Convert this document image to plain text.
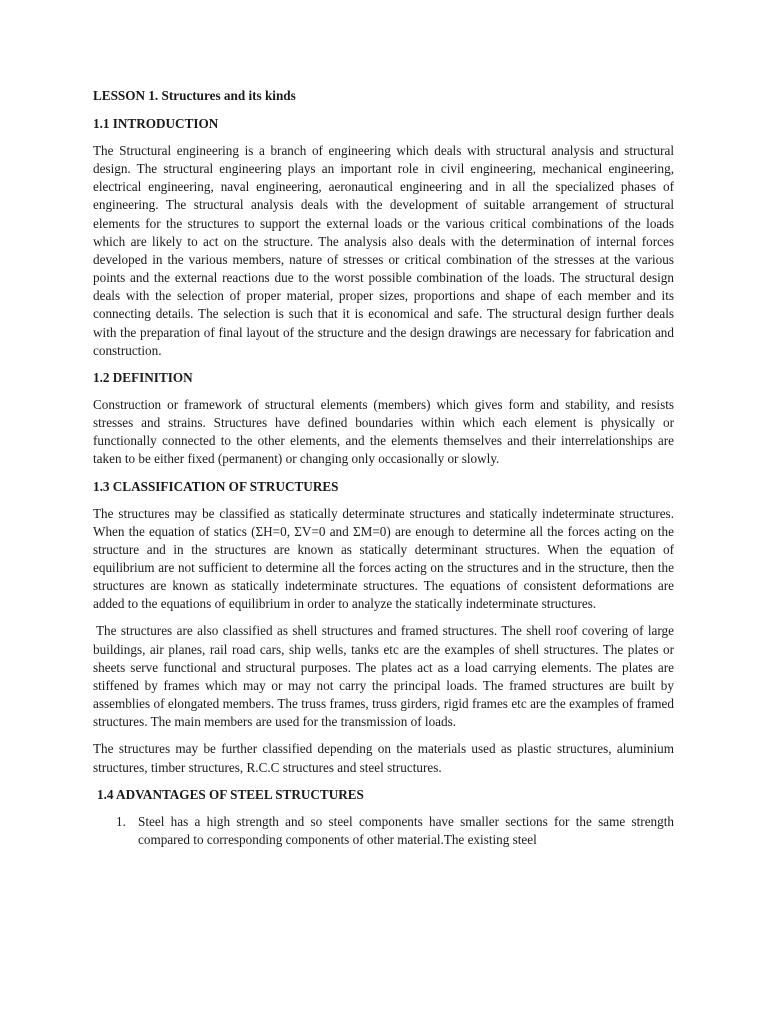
LESSON 1. Structures and its kinds
1.1 INTRODUCTION

The Structural engineering is a branch of engineering which deals with structural analysis and structural design. The structural engineering plays an important role in civil engineering, mechanical engineering, electrical engineering, naval engineering, aeronautical engineering and in all the specialized phases of engineering. The structural analysis deals with the development of suitable arrangement of structural elements for the structures to support the external loads or the various critical combinations of the loads which are likely to act on the structure. The analysis also deals with the determination of internal forces developed in the various members, nature of stresses or critical combination of the stresses at the various points and the external reactions due to the worst possible combination of the loads. The structural design deals with the selection of proper material, proper sizes, proportions and shape of each member and its connecting details. The selection is such that it is economical and safe. The structural design further deals with the preparation of final layout of the structure and the design drawings are necessary for fabrication and construction.

1.2 DEFINITION

Construction or framework of structural elements (members) which gives form and stability, and resists stresses and strains. Structures have defined boundaries within which each element is physically or functionally connected to the other elements, and the elements themselves and their interrelationships are taken to be either fixed (permanent) or changing only occasionally or slowly.

1.3 CLASSIFICATION OF STRUCTURES

The structures may be classified as statically determinate structures and statically indeterminate structures. When the equation of statics (ΣH=0, ΣV=0 and ΣM=0) are enough to determine all the forces acting on the structure and in the structures are known as statically determinant structures. When the equation of equilibrium are not sufficient to determine all the forces acting on the structures and in the structure, then the structures are known as statically indeterminate structures. The equations of consistent deformations are added to the equations of equilibrium in order to analyze the statically indeterminate structures.

The structures are also classified as shell structures and framed structures. The shell roof covering of large buildings, air planes, rail road cars, ship wells, tanks etc are the examples of shell structures. The plates or sheets serve functional and structural purposes. The plates act as a load carrying elements. The plates are stiffened by frames which may or may not carry the principal loads. The framed structures are built by assemblies of elongated members. The truss frames, truss girders, rigid frames etc are the examples of framed structures. The main members are used for the transmission of loads.

The structures may be further classified depending on the materials used as plastic structures, aluminium structures, timber structures, R.C.C structures and steel structures.

1.4 ADVANTAGES OF STEEL STRUCTURES
1. Steel has a high strength and so steel components have smaller sections for the same strength compared to corresponding components of other material.The existing steel
